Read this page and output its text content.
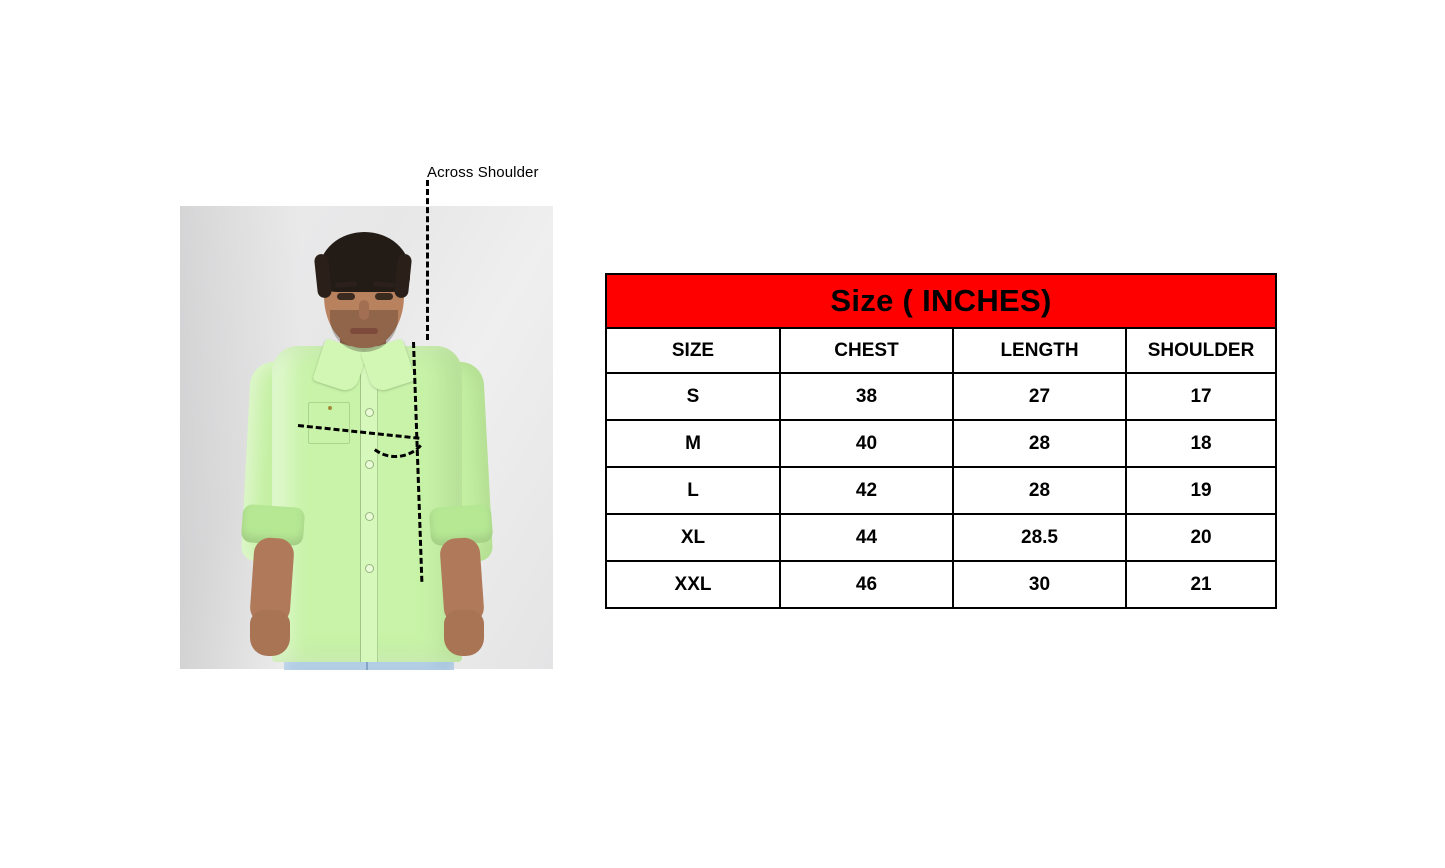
Across Shoulder
Size ( INCHES)			
SIZE	CHEST	LENGTH	SHOULDER
S	38	27	17
M	40	28	18
L	42	28	19
XL	44	28.5	20
XXL	46	30	21
